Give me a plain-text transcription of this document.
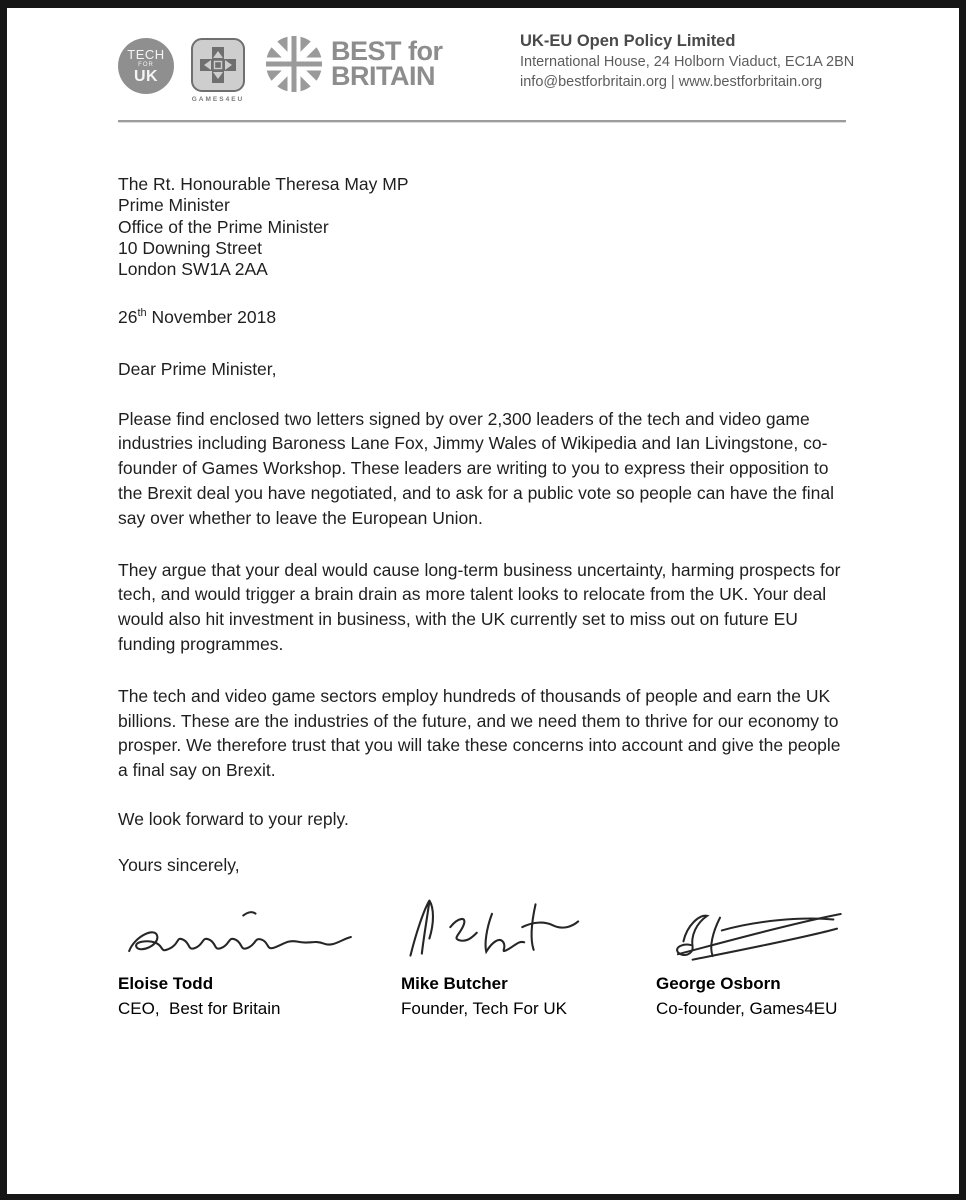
TECH
FOR
UK
GAMES4EU
BEST for
BRITAIN

UK-EU Open Policy Limited

International House, 24 Holborn Viaduct, EC1A 2BN

info@bestforbritain.org | www.bestforbritain.org

The Rt. Honourable Theresa May MP

Prime Minister

Office of the Prime Minister

10 Downing Street

London SW1A 2AA

26th November 2018

Dear Prime Minister,

Please find enclosed two letters signed by over 2,300 leaders of the tech and video game industries including Baroness Lane Fox, Jimmy Wales of Wikipedia and Ian Livingstone, co-founder of Games Workshop. These leaders are writing to you to express their opposition to the Brexit deal you have negotiated, and to ask for a public vote so people can have the final say over whether to leave the European Union.

They argue that your deal would cause long-term business uncertainty, harming prospects for tech, and would trigger a brain drain as more talent looks to relocate from the UK. Your deal would also hit investment in business, with the UK currently set to miss out on future EU funding programmes.

The tech and video game sectors employ hundreds of thousands of people and earn the UK billions. These are the industries of the future, and we need them to thrive for our economy to prosper. We therefore trust that you will take these concerns into account and give the people a final say on Brexit.

We look forward to your reply.

Yours sincerely,

Eloise Todd

CEO,  Best for Britain

Mike Butcher

Founder, Tech For UK

George Osborn

Co-founder, Games4EU
